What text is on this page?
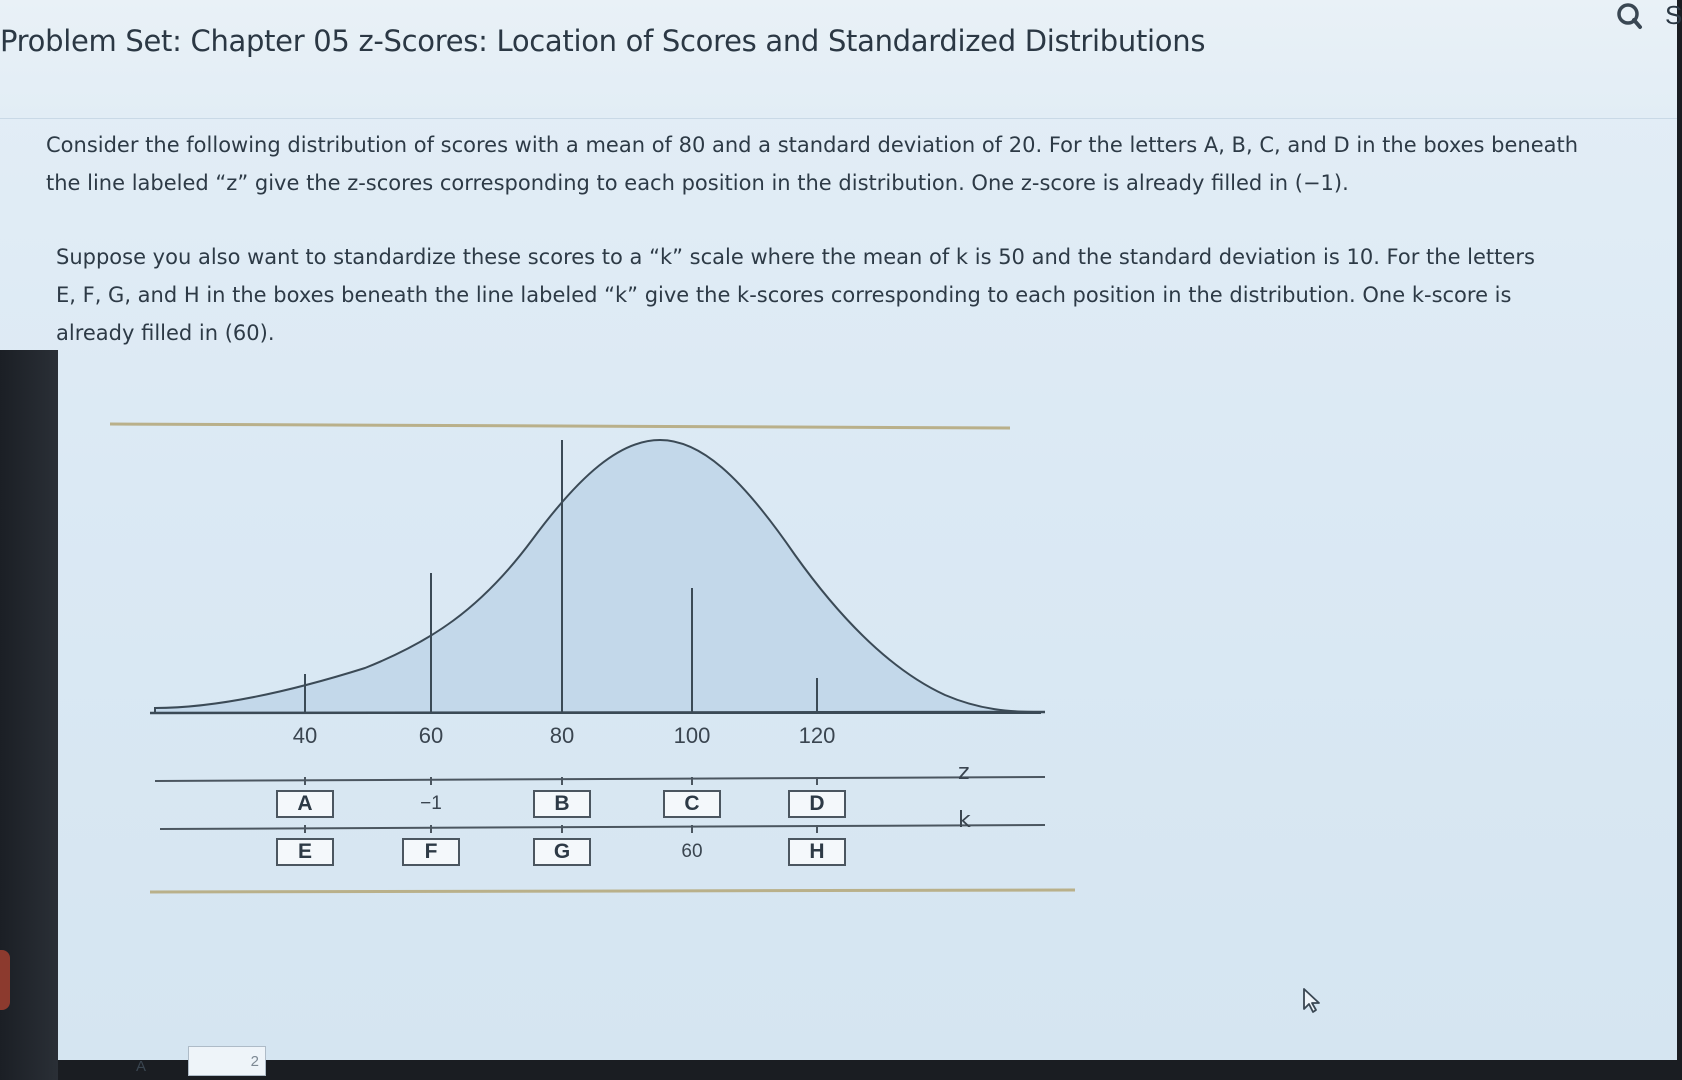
Problem Set: Chapter 05 z-Scores: Location of Scores and Standardized Distributions
S
Consider the following distribution of scores with a mean of 80 and a standard deviation of 20. For the letters A, B, C, and D in the boxes beneath the line labeled “z” give the z-scores corresponding to each position in the distribution. One z-score is already filled in (−1).
Suppose you also want to standardize these scores to a “k” scale where the mean of k is 50 and the standard deviation is 10. For the letters E, F, G, and H in the boxes beneath the line labeled “k” give the k-scores corresponding to each position in the distribution. One k-score is already filled in (60).
40	60	80	100	120
z
k
A	−1	B	C	D
E	F	G	60	H
A	2
